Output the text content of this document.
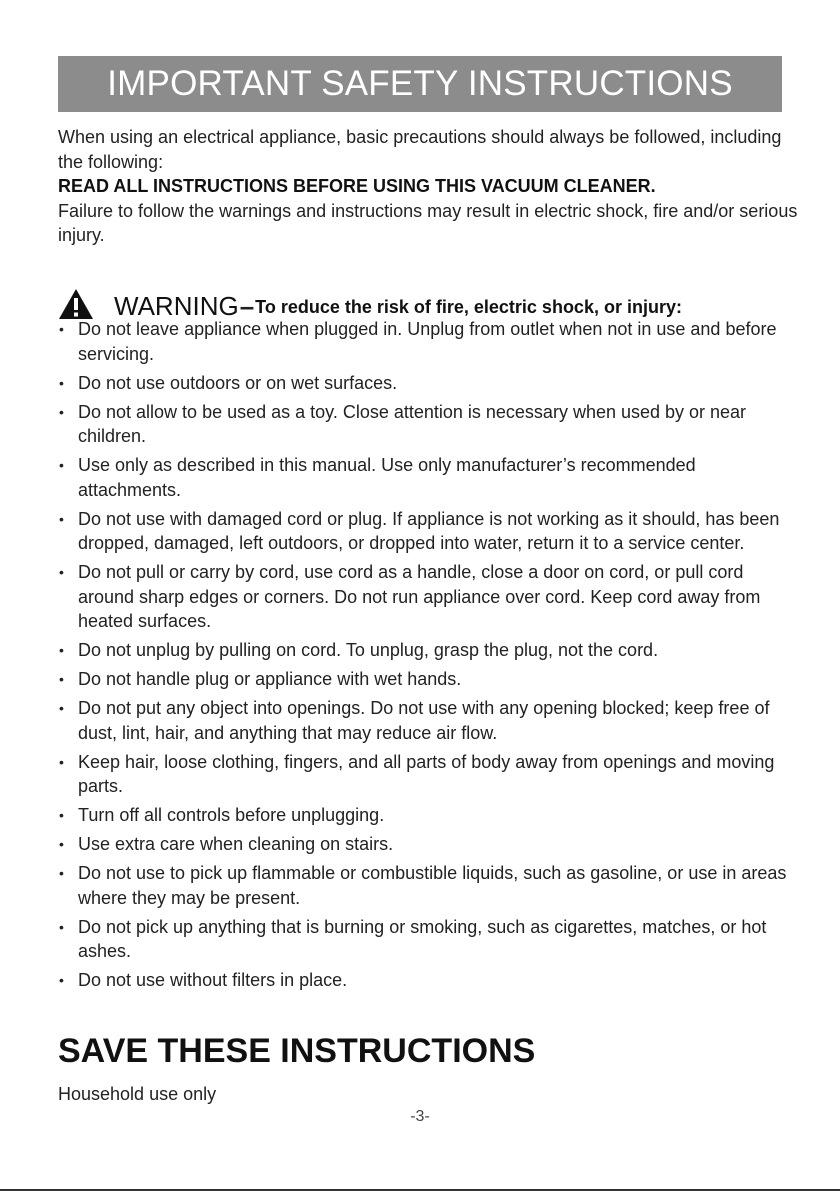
IMPORTANT SAFETY INSTRUCTIONS

When using an electrical appliance, basic precautions should always be followed, including the following:

READ ALL INSTRUCTIONS BEFORE USING THIS VACUUM CLEANER.

Failure to follow the warnings and instructions may result in electric shock, fire and/or serious injury.

WARNING – To reduce the risk of fire, electric shock, or injury:
• Do not leave appliance when plugged in. Unplug from outlet when not in use and before servicing.
• Do not use outdoors or on wet surfaces.
• Do not allow to be used as a toy. Close attention is necessary when used by or near children.
• Use only as described in this manual. Use only manufacturer’s recommended attachments.
• Do not use with damaged cord or plug. If appliance is not working as it should, has been dropped, damaged, left outdoors, or dropped into water, return it to a service center.
• Do not pull or carry by cord, use cord as a handle, close a door on cord, or pull cord around sharp edges or corners. Do not run appliance over cord. Keep cord away from heated surfaces.
• Do not unplug by pulling on cord. To unplug, grasp the plug, not the cord.
• Do not handle plug or appliance with wet hands.
• Do not put any object into openings. Do not use with any opening blocked; keep free of dust, lint, hair, and anything that may reduce air flow.
• Keep hair, loose clothing, fingers, and all parts of body away from openings and moving parts.
• Turn off all controls before unplugging.
• Use extra care when cleaning on stairs.
• Do not use to pick up flammable or combustible liquids, such as gasoline, or use in areas where they may be present.
• Do not pick up anything that is burning or smoking, such as cigarettes, matches, or hot ashes.
• Do not use without filters in place.
SAVE THESE INSTRUCTIONS
Household use only
-3-
